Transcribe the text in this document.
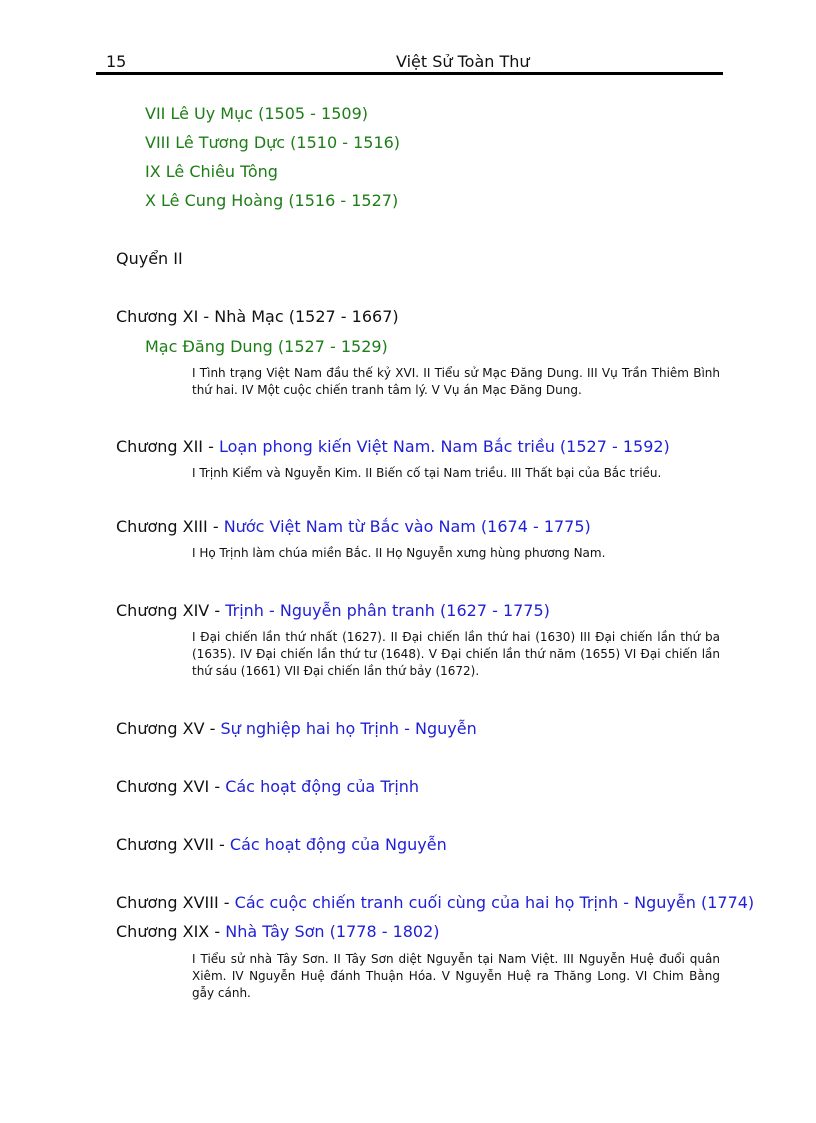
15	Việt Sử Toàn Thư
VII Lê Uy Mục (1505 - 1509)
VIII Lê Tương Dực (1510 - 1516)
IX Lê Chiêu Tông
X Lê Cung Hoàng (1516 - 1527)
Quyển II
Chương XI - Nhà Mạc (1527 - 1667)
Mạc Đăng Dung (1527 - 1529)
I Tình trạng Việt Nam đầu thế kỷ XVI. II Tiểu sử Mạc Đăng Dung. III Vụ Trần Thiêm Bình thứ hai. IV Một cuộc chiến tranh tâm lý. V Vụ án Mạc Đăng Dung.
Chương XII - Loạn phong kiến Việt Nam. Nam Bắc triều (1527 - 1592)
I Trịnh Kiểm và Nguyễn Kim. II Biến cố tại Nam triều. III Thất bại của Bắc triều.
Chương XIII - Nước Việt Nam từ Bắc vào Nam (1674 - 1775)
I Họ Trịnh làm chúa miền Bắc. II Họ Nguyễn xưng hùng phương Nam.
Chương XIV - Trịnh - Nguyễn phân tranh (1627 - 1775)
I Đại chiến lần thứ nhất (1627). II Đại chiến lần thứ hai (1630) III Đại chiến lần thứ ba (1635). IV Đại chiến lần thứ tư (1648). V Đại chiến lần thứ năm (1655) VI Đại chiến lần thứ sáu (1661) VII Đại chiến lần thứ bảy (1672).
Chương XV - Sự nghiệp hai họ Trịnh - Nguyễn
Chương XVI - Các hoạt động của Trịnh
Chương XVII - Các hoạt động của Nguyễn
Chương XVIII - Các cuộc chiến tranh cuối cùng của hai họ Trịnh - Nguyễn (1774)
Chương XIX - Nhà Tây Sơn (1778 - 1802)
I Tiểu sử nhà Tây Sơn. II Tây Sơn diệt Nguyễn tại Nam Việt. III Nguyễn Huệ đuổi quân Xiêm. IV Nguyễn Huệ đánh Thuận Hóa. V Nguyễn Huệ ra Thăng Long. VI Chim Bằng gẫy cánh.
